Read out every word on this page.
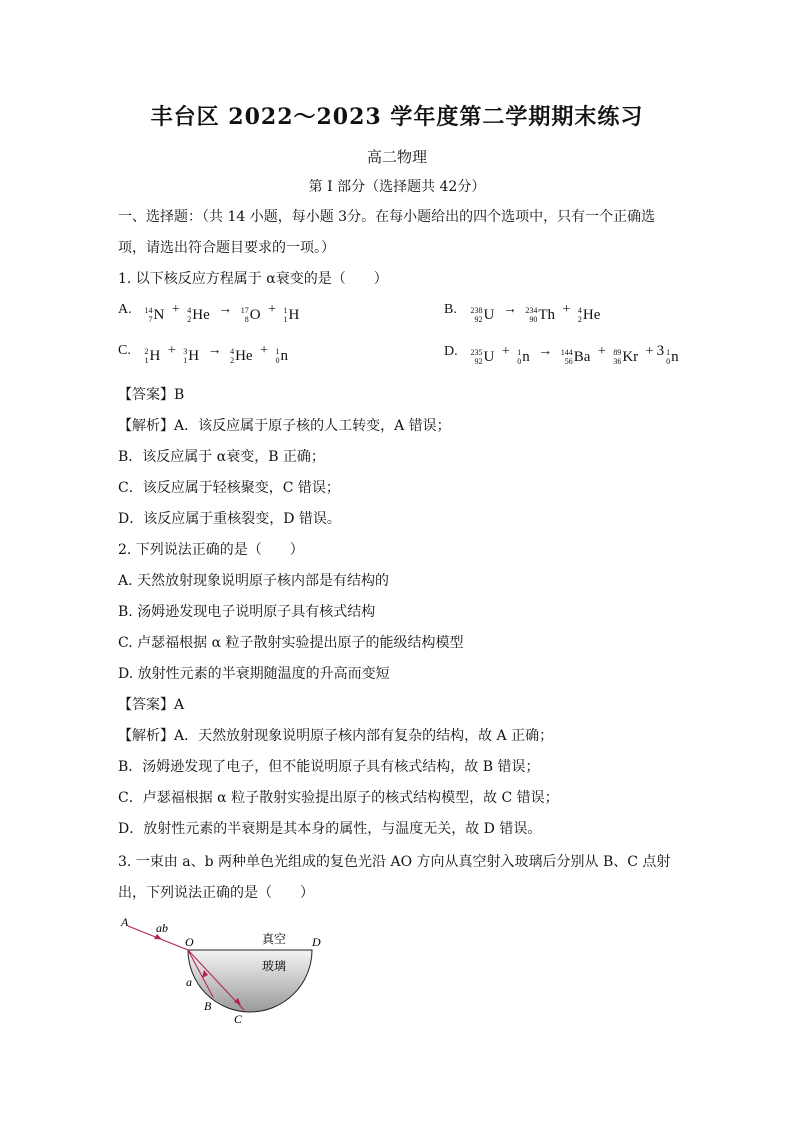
丰台区 2022～2023 学年度第二学期期末练习
高二物理
第 I 部分（选择题共 42分）
一、选择题：（共 14 小题，每小题 3分。在每小题给出的四个选项中，只有一个正确选
项，请选出符合题目要求的一项。）
1. 以下核反应方程属于 α衰变的是（　　）
A. 14
7 N + 4
2 He → 17
8 O + 1
1 H	B. 238
92 U → 234
90 Th + 4
2 He
C. 2
1 H + 3
1 H → 4
2 He + 1
0 n	D. 235
92 U + 1
0 n → 144
56 Ba + 89
36 Kr + 3 1
0 n
【答案】B
【解析】A．该反应属于原子核的人工转变，A 错误；
B．该反应属于 α衰变，B 正确；
C．该反应属于轻核聚变，C 错误；
D．该反应属于重核裂变，D 错误。
2. 下列说法正确的是（　　）
A. 天然放射现象说明原子核内部是有结构的
B. 汤姆逊发现电子说明原子具有核式结构
C. 卢瑟福根据 α 粒子散射实验提出原子的能级结构模型
D. 放射性元素的半衰期随温度的升高而变短
【答案】A
【解析】A．天然放射现象说明原子核内部有复杂的结构，故 A 正确；
B．汤姆逊发现了电子，但不能说明原子具有核式结构，故 B 错误；
C．卢瑟福根据 α 粒子散射实验提出原子的核式结构模型，故 C 错误；
D．放射性元素的半衰期是其本身的属性，与温度无关，故 D 错误。
3. 一束由 a、b 两种单色光组成的复色光沿 AO 方向从真空射入玻璃后分别从 B、C 点射
出，下列说法正确的是（　　）
A ab
O	D
真空
玻璃
a
B
C
